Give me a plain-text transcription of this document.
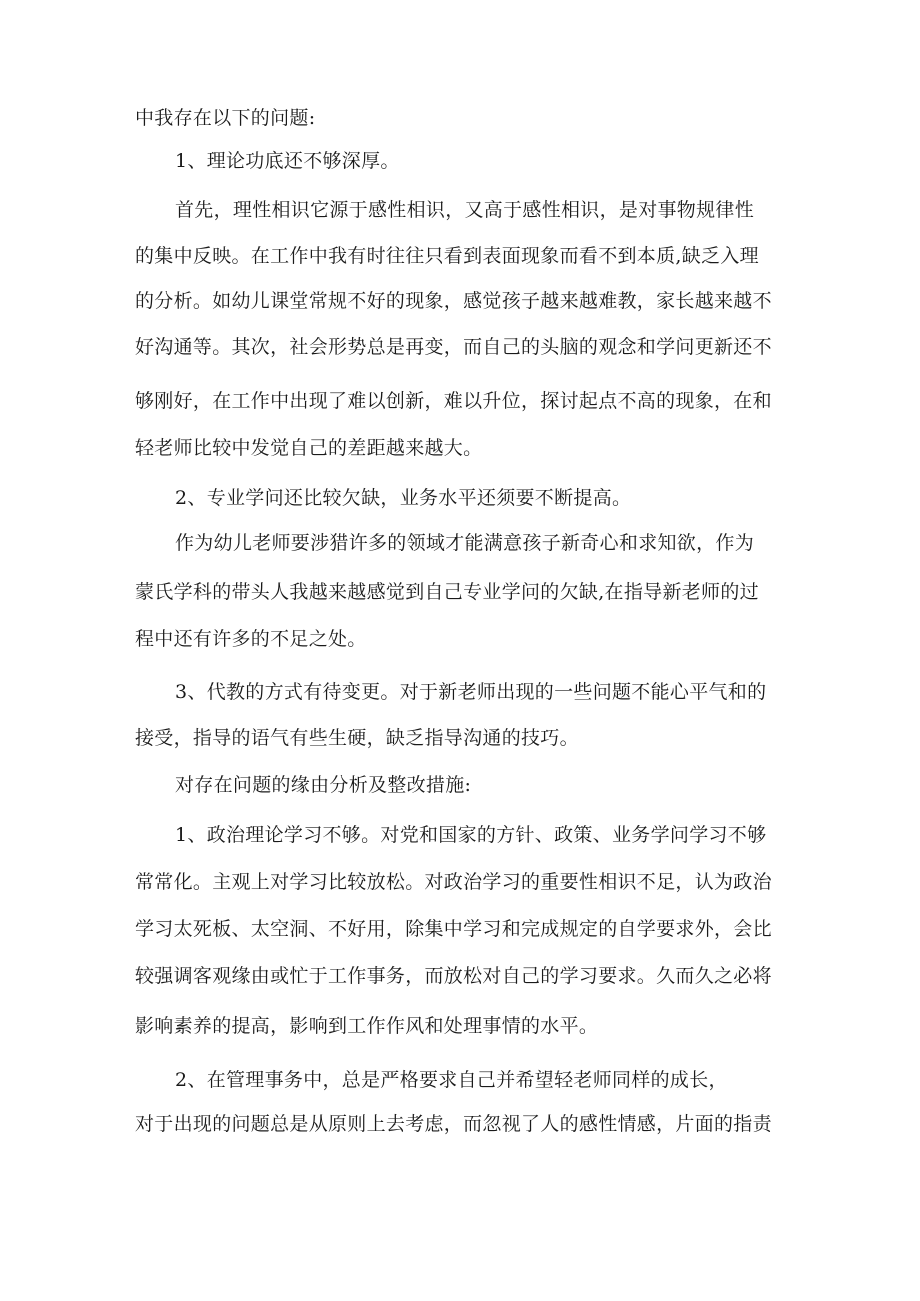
中我存在以下的问题:
1、理论功底还不够深厚。
首先，理性相识它源于感性相识，又高于感性相识，是对事物规律性
的集中反映。在工作中我有时往往只看到表面现象而看不到本质,缺乏入理
的分析。如幼儿课堂常规不好的现象，感觉孩子越来越难教，家长越来越不
好沟通等。其次，社会形势总是再变，而自己的头脑的观念和学问更新还不
够刚好，在工作中出现了难以创新，难以升位，探讨起点不高的现象，在和
轻老师比较中发觉自己的差距越来越大。
2、专业学问还比较欠缺，业务水平还须要不断提高。
作为幼儿老师要涉猎许多的领域才能满意孩子新奇心和求知欲，作为
蒙氏学科的带头人我越来越感觉到自己专业学问的欠缺,在指导新老师的过
程中还有许多的不足之处。
3、代教的方式有待变更。对于新老师出现的一些问题不能心平气和的
接受，指导的语气有些生硬，缺乏指导沟通的技巧。
对存在问题的缘由分析及整改措施:
1、政治理论学习不够。对党和国家的方针、政策、业务学问学习不够
常常化。主观上对学习比较放松。对政治学习的重要性相识不足，认为政治
学习太死板、太空洞、不好用，除集中学习和完成规定的自学要求外，会比
较强调客观缘由或忙于工作事务，而放松对自己的学习要求。久而久之必将
影响素养的提高，影响到工作作风和处理事情的水平。
2、在管理事务中，总是严格要求自己并希望轻老师同样的成长，
对于出现的问题总是从原则上去考虑，而忽视了人的感性情感，片面的指责
